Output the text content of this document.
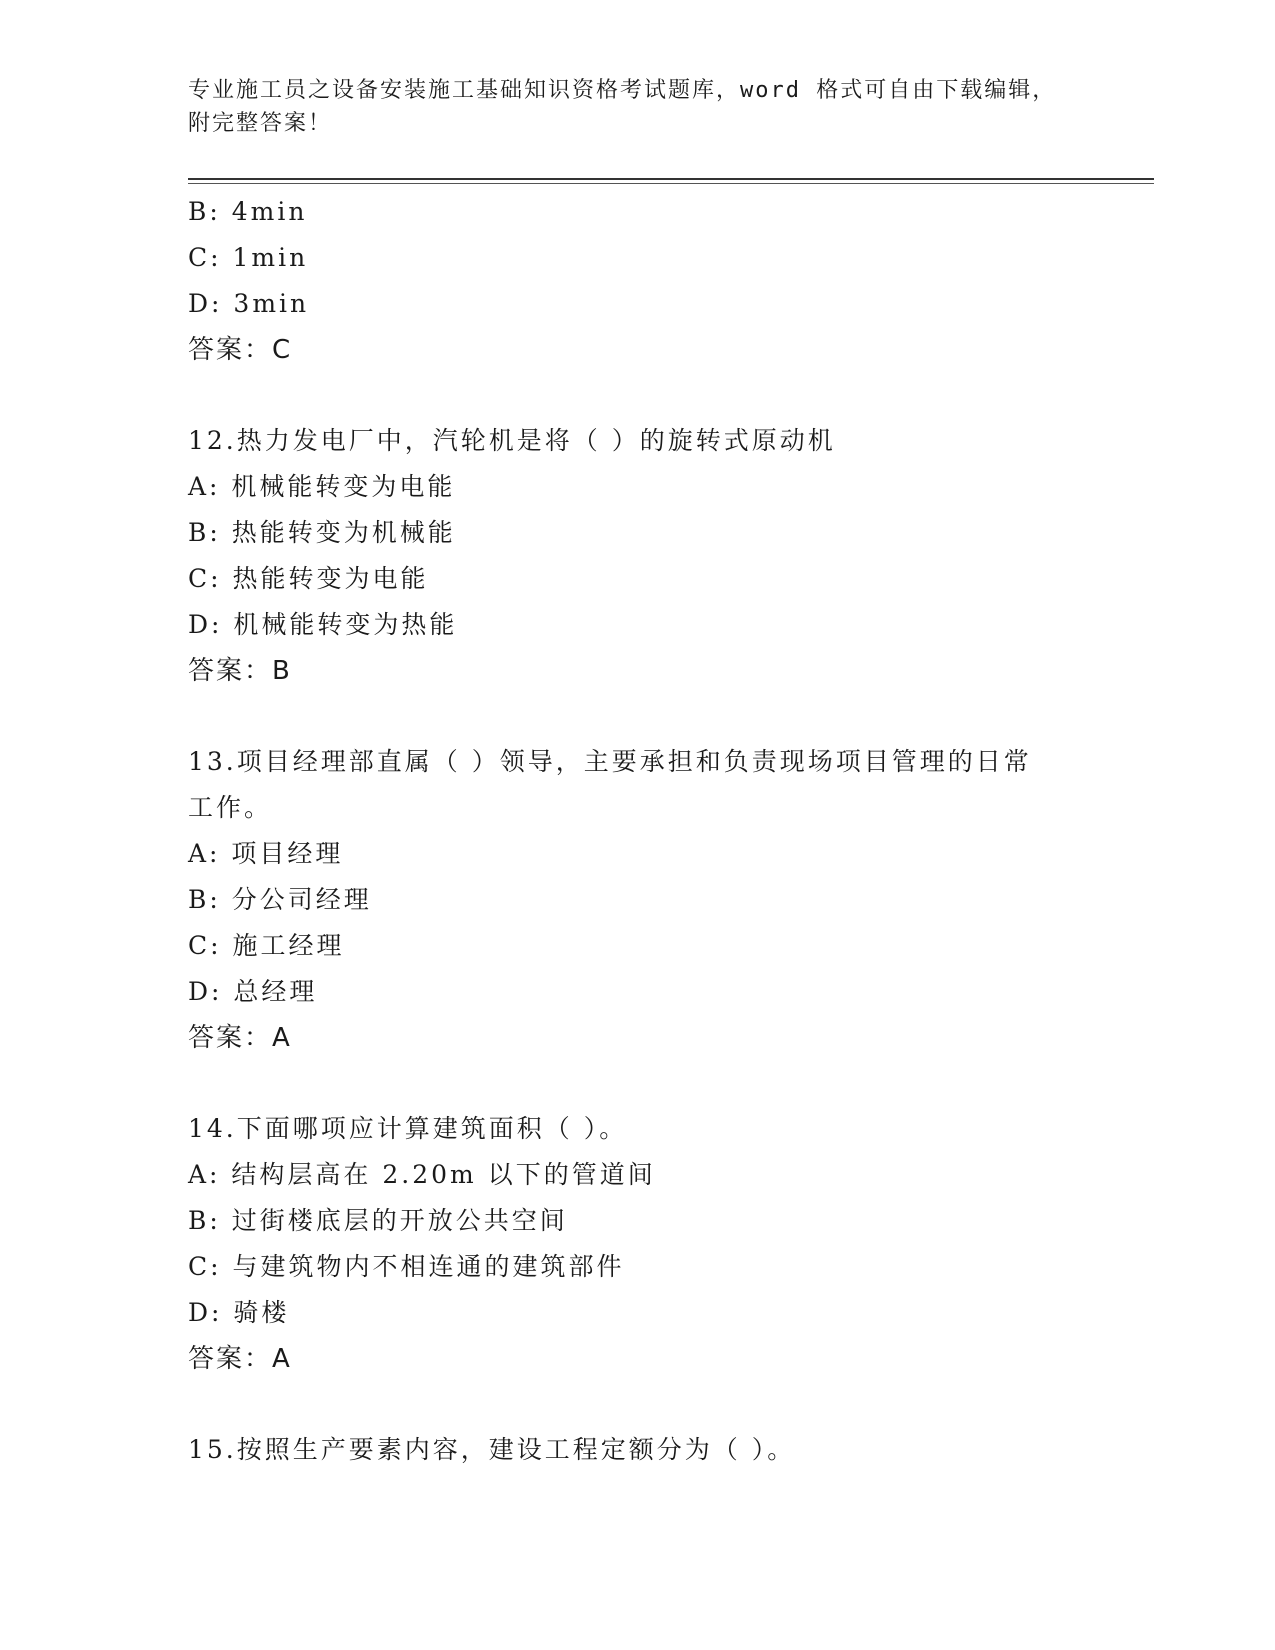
专业施工员之设备安装施工基础知识资格考试题库，word 格式可自由下载编辑，
附完整答案！
B: 4min
C: 1min
D: 3min
答案：C
12.热力发电厂中，汽轮机是将（ ）的旋转式原动机
A: 机械能转变为电能
B: 热能转变为机械能
C: 热能转变为电能
D: 机械能转变为热能
答案：B
13.项目经理部直属（ ）领导，主要承担和负责现场项目管理的日常
工作。
A: 项目经理
B: 分公司经理
C: 施工经理
D: 总经理
答案：A
14.下面哪项应计算建筑面积（ ）。
A: 结构层高在 2.20m 以下的管道间
B: 过街楼底层的开放公共空间
C: 与建筑物内不相连通的建筑部件
D: 骑楼
答案：A
15.按照生产要素内容，建设工程定额分为（ ）。
